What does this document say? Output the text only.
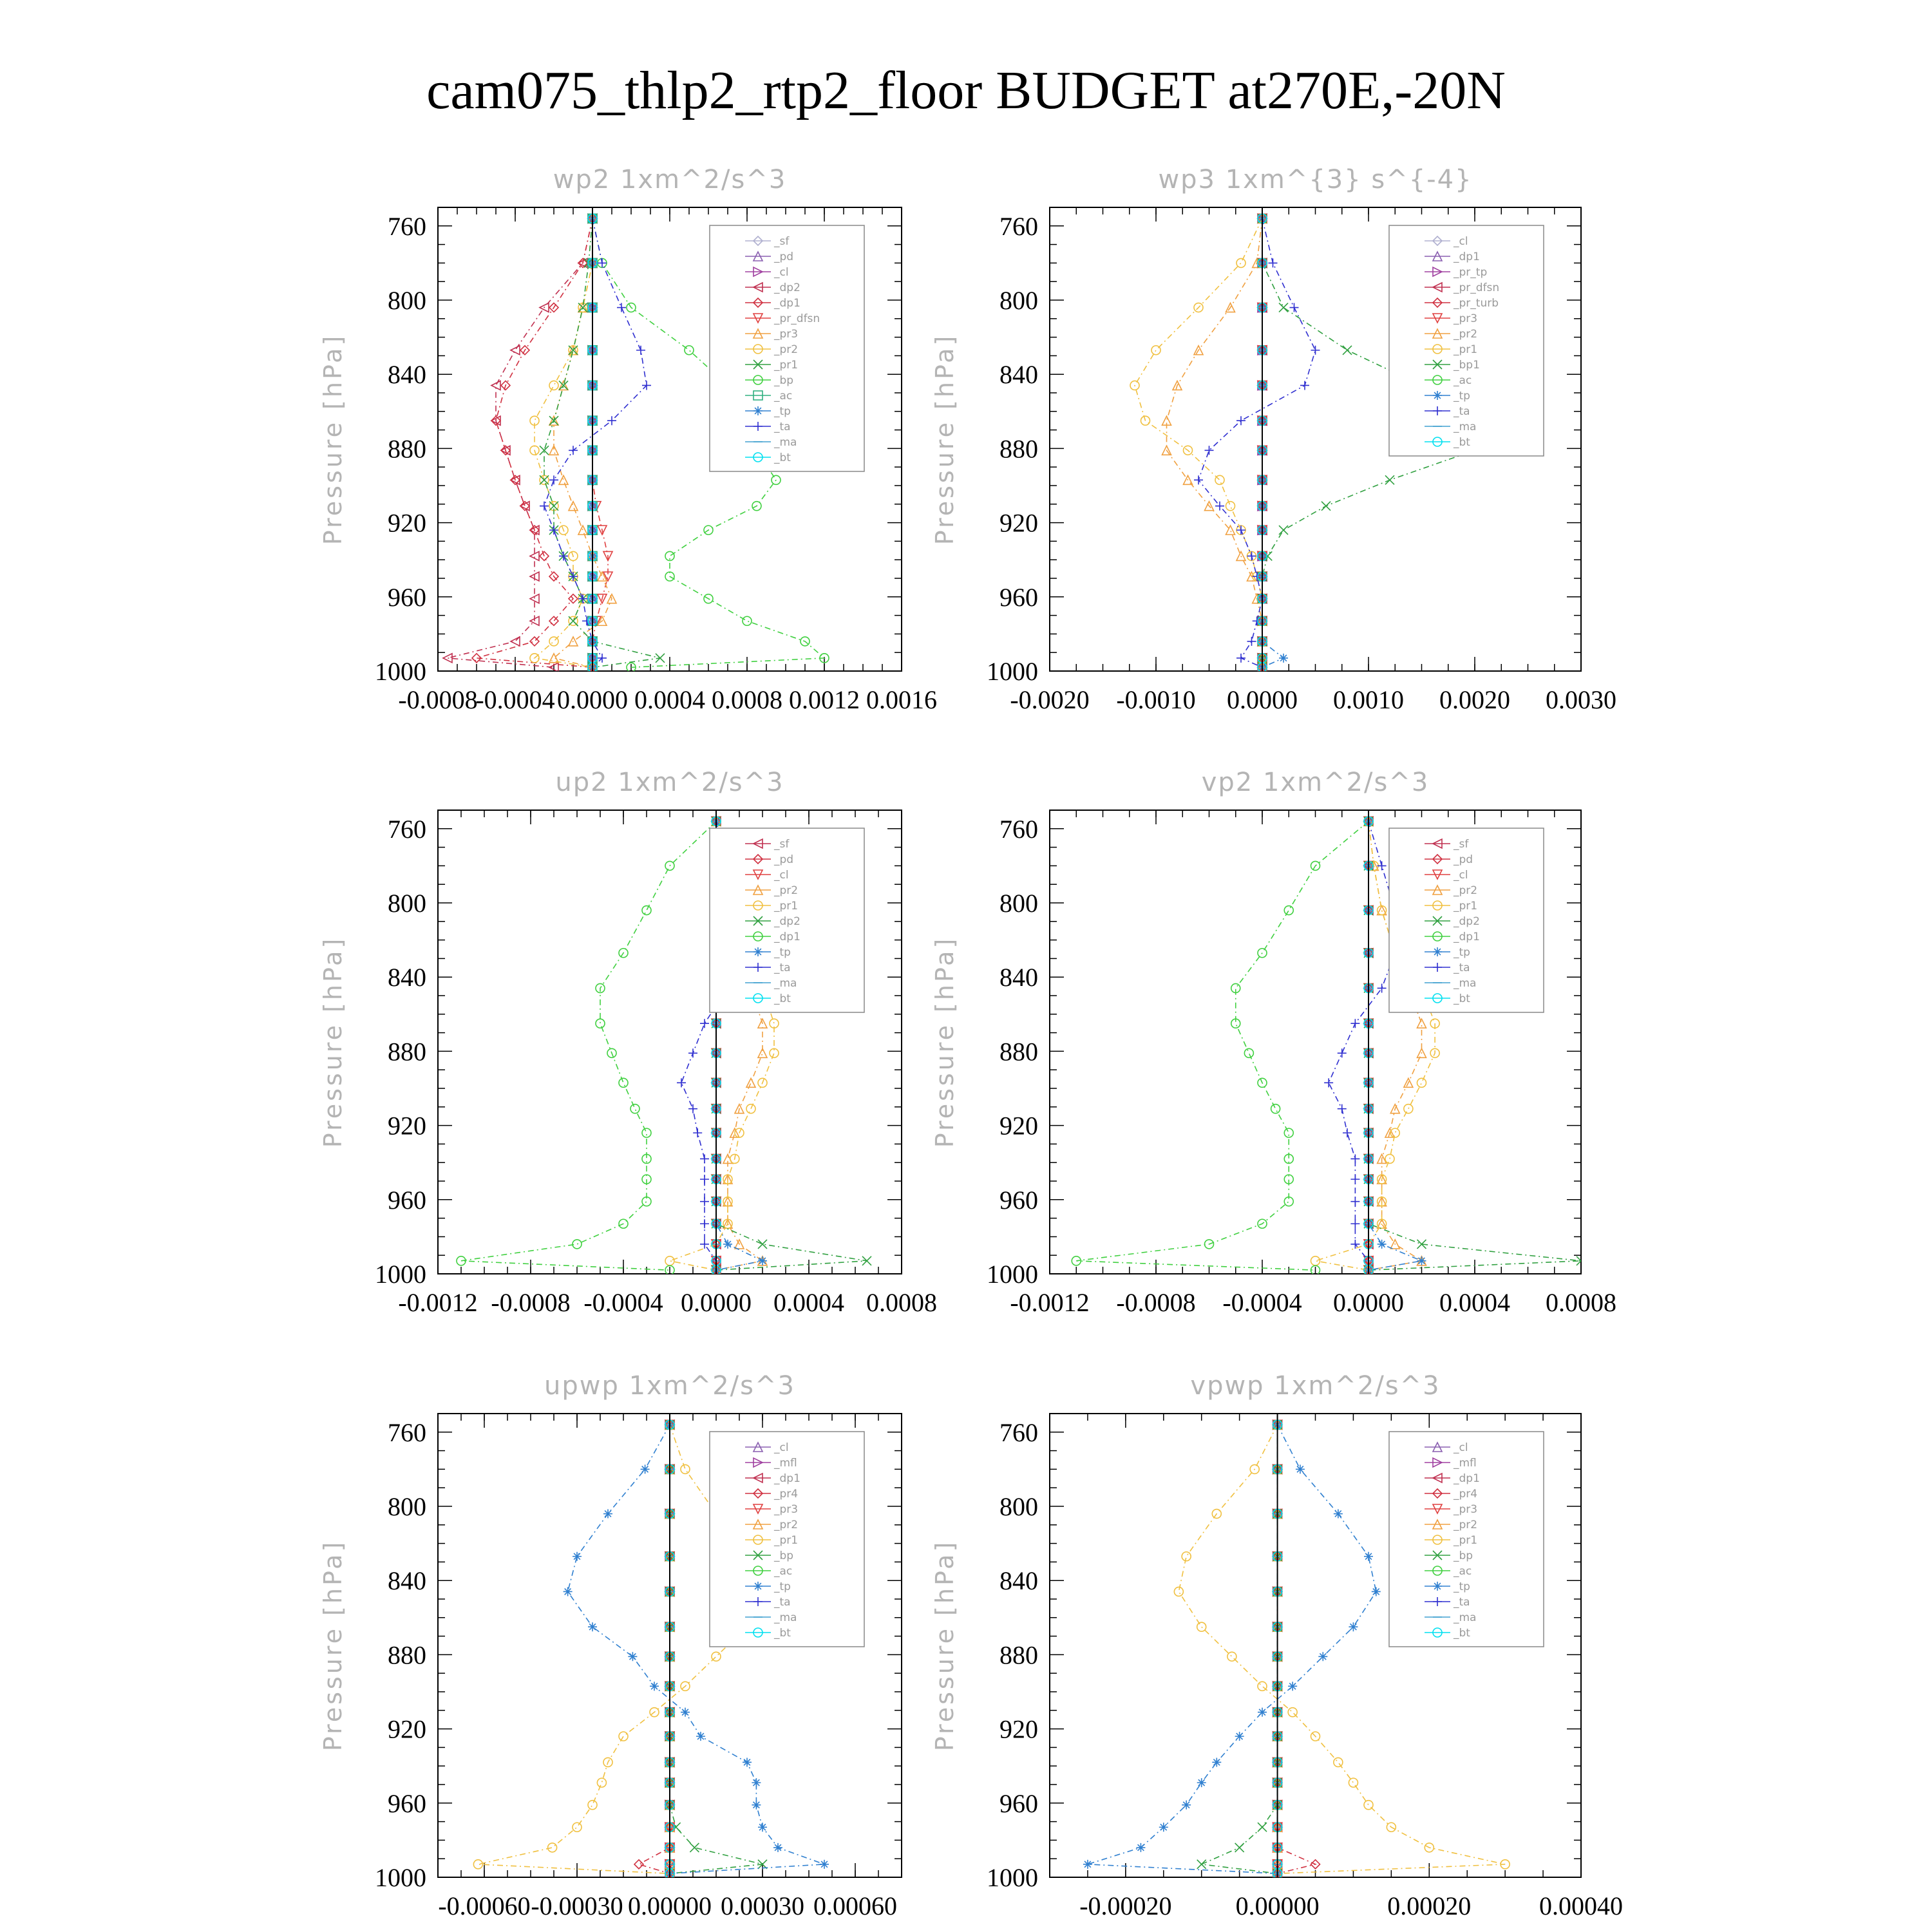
cam075_thlp2_rtp2_floor BUDGET at270E,-20N
wp2 1xm^2/s^3
Pressure [hPa]
760
800
840
880
920
960
1000
-0.0008
-0.0004 0.0000 0.0004 0.0008 0.0012 0.0016
_sf
_pd
_cl
_dp2
_dp1
_pr_dfsn
_pr3
_pr2
_pr1
_bp
_ac
_tp
_ta
_ma
_bt
wp3 1xm^{3} s^{-4}
Pressure [hPa]
760
800
840
880
920
960
1000
-0.0020 -0.0010 0.0000 0.0010 0.0020 0.0030
_cl
_dp1
_pr_tp
_pr_dfsn
_pr_turb
_pr3
_pr2
_pr1
_bp1
_ac
_tp
_ta
_ma
_bt
up2 1xm^2/s^3
Pressure [hPa]
760
800
840
880
920
960
1000
-0.0012 -0.0008 -0.0004 0.0000 0.0004 0.0008
_sf
_pd
_cl
_pr2
_pr1
_dp2
_dp1
_tp
_ta
_ma
_bt
vp2 1xm^2/s^3
Pressure [hPa]
760
800
840
880
920
960
1000
-0.0012 -0.0008 -0.0004 0.0000 0.0004 0.0008
_sf
_pd
_cl
_pr2
_pr1
_dp2
_dp1
_tp
_ta
_ma
_bt
upwp 1xm^2/s^3
Pressure [hPa]
760
800
840
880
920
960
1000
-0.00060 -0.00030 0.00000 0.00030 0.00060
_cl
_mfl
_dp1
_pr4
_pr3
_pr2
_pr1
_bp
_ac
_tp
_ta
_ma
_bt
vpwp 1xm^2/s^3
Pressure [hPa]
760
800
840
880
920
960
1000
-0.00020 0.00000	0.00020	0.00040
_cl
_mfl
_dp1
_pr4
_pr3
_pr2
_pr1
_bp
_ac
_tp
_ta
_ma
_bt
